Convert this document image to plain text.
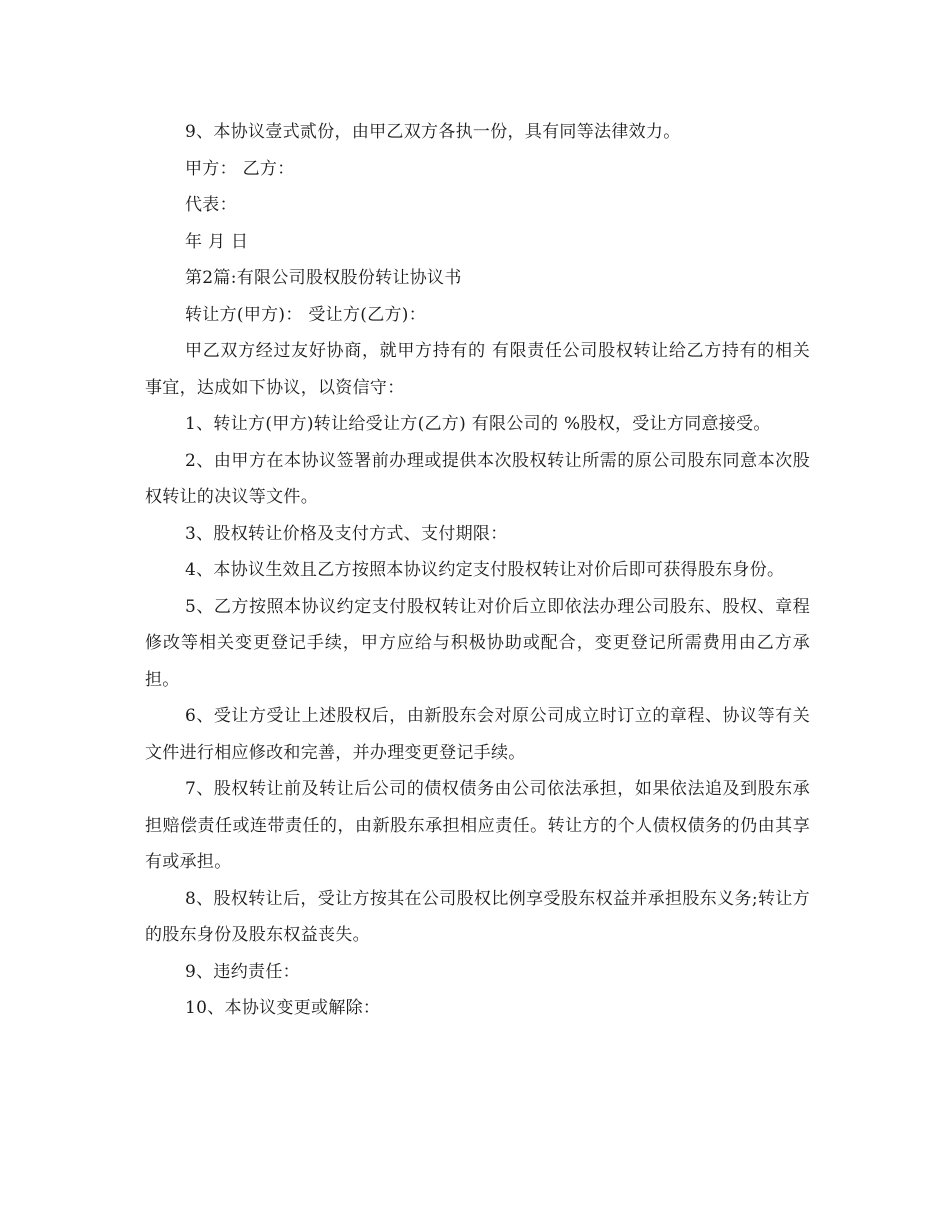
9、本协议壹式贰份，由甲乙双方各执一份，具有同等法律效力。

甲方： 乙方：

代表：

年 月 日

第2篇:有限公司股权股份转让协议书

转让方(甲方)： 受让方(乙方)：

甲乙双方经过友好协商，就甲方持有的 有限责任公司股权转让给乙方持有的相关事宜，达成如下协议，以资信守：

1、转让方(甲方)转让给受让方(乙方) 有限公司的 %股权，受让方同意接受。

2、由甲方在本协议签署前办理或提供本次股权转让所需的原公司股东同意本次股权转让的决议等文件。

3、股权转让价格及支付方式、支付期限：

4、本协议生效且乙方按照本协议约定支付股权转让对价后即可获得股东身份。

5、乙方按照本协议约定支付股权转让对价后立即依法办理公司股东、股权、章程修改等相关变更登记手续，甲方应给与积极协助或配合，变更登记所需费用由乙方承担。

6、受让方受让上述股权后，由新股东会对原公司成立时订立的章程、协议等有关文件进行相应修改和完善，并办理变更登记手续。

7、股权转让前及转让后公司的债权债务由公司依法承担，如果依法追及到股东承担赔偿责任或连带责任的，由新股东承担相应责任。转让方的个人债权债务的仍由其享有或承担。

8、股权转让后，受让方按其在公司股权比例享受股东权益并承担股东义务;转让方的股东身份及股东权益丧失。

9、违约责任：

10、本协议变更或解除：
